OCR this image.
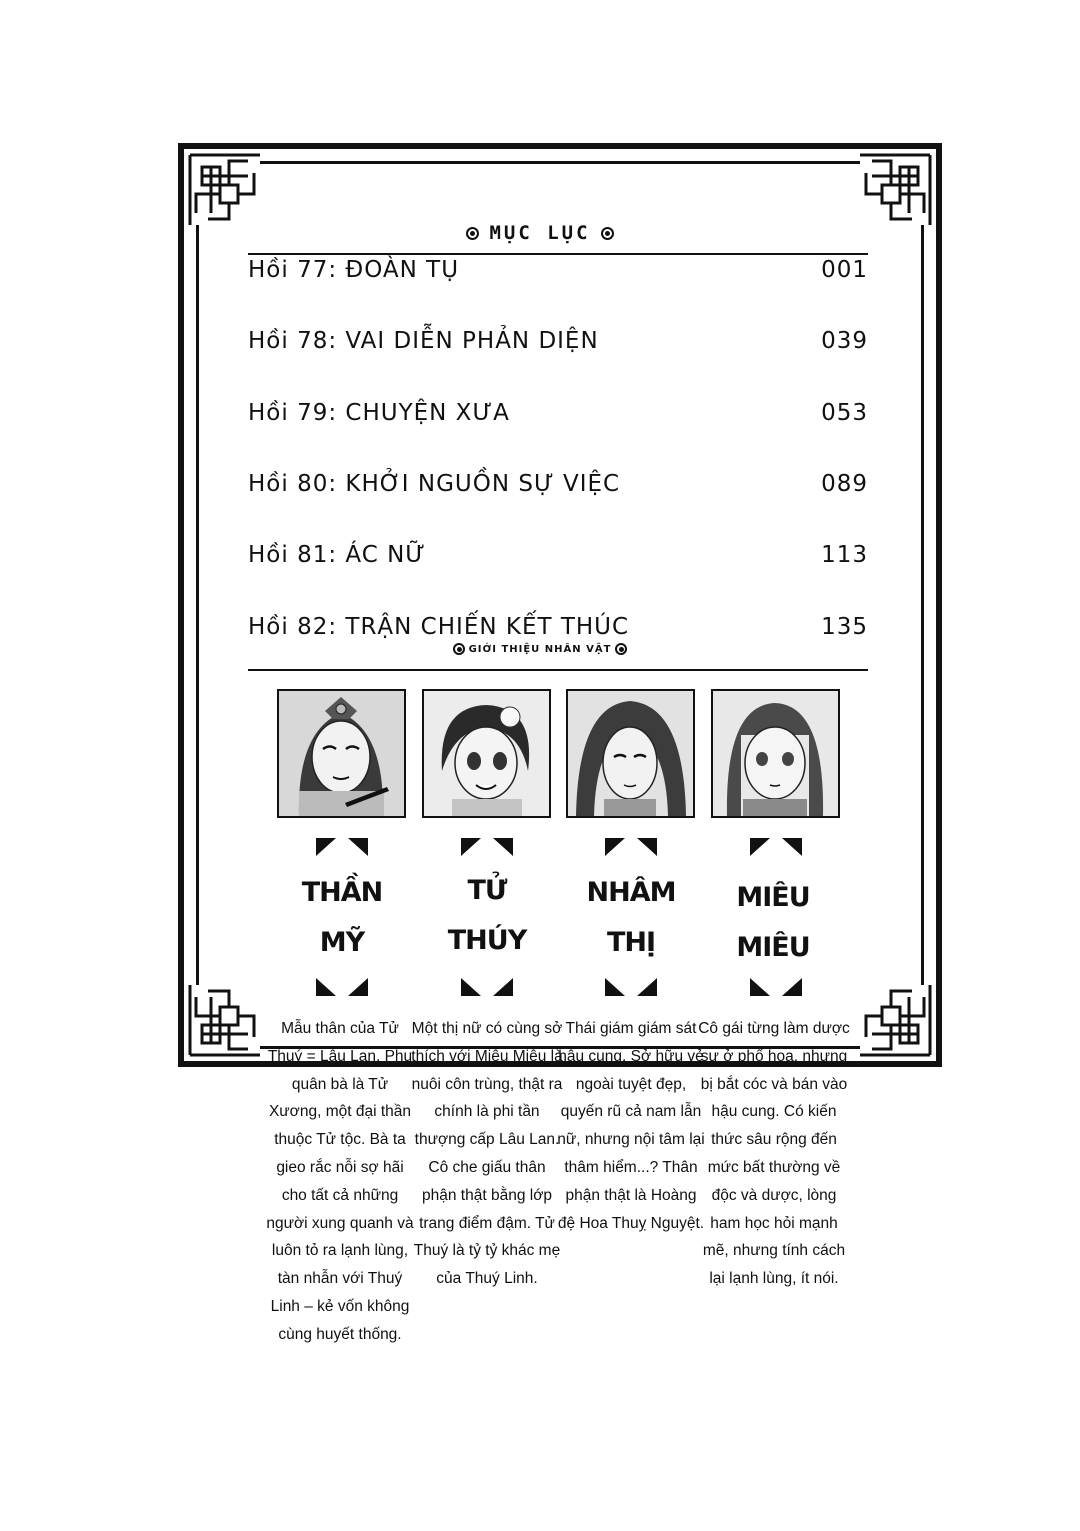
MỤC LỤC
Hồi 77: ĐOÀN TỤ	001
Hồi 78: VAI DIỄN PHẢN DIỆN	039
Hồi 79: CHUYỆN XƯA	053
Hồi 80: KHỞI NGUỒN SỰ VIỆC	089
Hồi 81: ÁC NỮ	113
Hồi 82: TRẬN CHIẾN KẾT THÚC	135
GIỚI THIỆU NHÂN VẬT
THẦN
MỸ
TỬ
THÚY
NHÂM
THỊ
MIÊU
MIÊU
Mẫu thân của Tử Thuý = Lâu Lan. Phu quân bà là Tử Xương, một đại thần thuộc Tử tộc. Bà ta gieo rắc nỗi sợ hãi cho tất cả những người xung quanh và luôn tỏ ra lạnh lùng, tàn nhẫn với Thuý Linh – kẻ vốn không cùng huyết thống.
Một thị nữ có cùng sở thích với Miêu Miêu là nuôi côn trùng, thật ra chính là phi tần thượng cấp Lâu Lan. Cô che giấu thân phận thật bằng lớp trang điểm đậm. Tử Thuý là tỷ tỷ khác mẹ của Thuý Linh.
Thái giám giám sát hậu cung. Sở hữu vẻ ngoài tuyệt đẹp, quyến rũ cả nam lẫn nữ, nhưng nội tâm lại thâm hiểm...? Thân phận thật là Hoàng đệ Hoa Thuỵ Nguyệt.
Cô gái từng làm dược sư ở phố hoa, nhưng bị bắt cóc và bán vào hậu cung. Có kiến thức sâu rộng đến mức bất thường về độc và dược, lòng ham học hỏi mạnh mẽ, nhưng tính cách lại lạnh lùng, ít nói.
